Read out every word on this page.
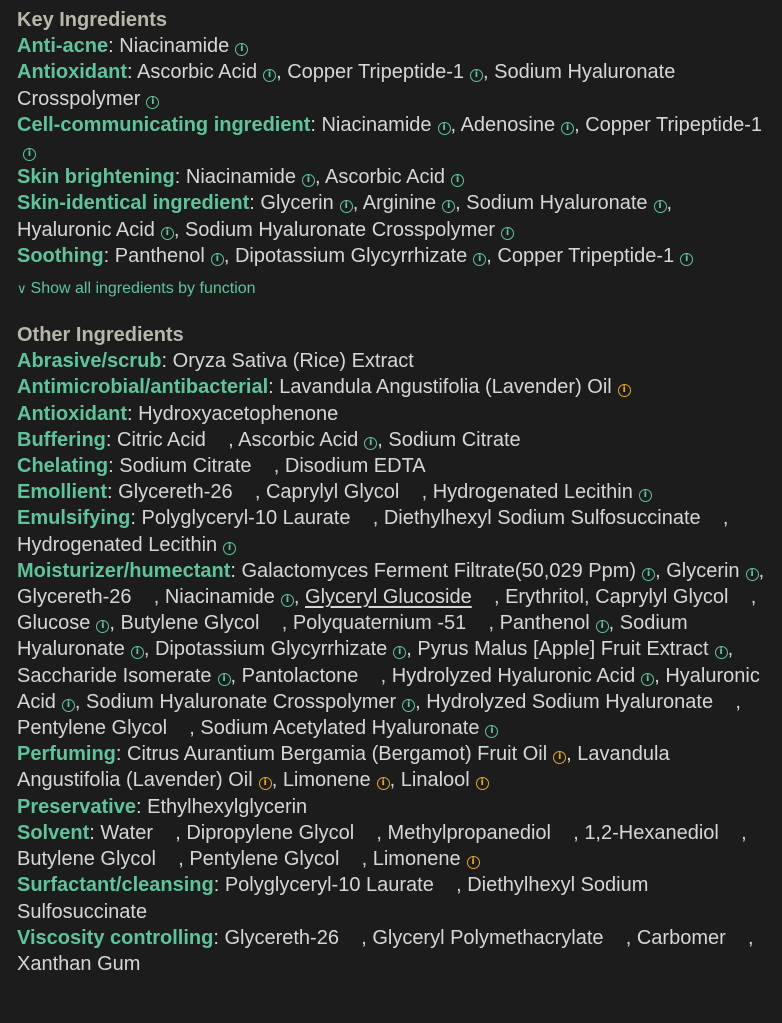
Key Ingredients
Anti-acne: Niacinamide i
Antioxidant: Ascorbic Acid i , Copper Tripeptide-1 i , Sodium Hyaluronate Crosspolymer i
Cell-communicating ingredient: Niacinamide i , Adenosine i , Copper Tripeptide-1i
Skin brightening: Niacinamide i , Ascorbic Acid i
Skin-identical ingredient: Glycerin i , Arginine i , Sodium Hyaluronate i , Hyaluronic Acid i , Sodium Hyaluronate Crosspolymer i
Soothing: Panthenol i , Dipotassium Glycyrrhizate i , Copper Tripeptide-1 i
∨ Show all ingredients by function
Other Ingredients
Abrasive/scrub: Oryza Sativa (Rice) Extract
Antimicrobial/antibacterial: Lavandula Angustifolia (Lavender) Oil i
Antioxidant: Hydroxyacetophenone
Buffering: Citric Acid    , Ascorbic Acid i , Sodium Citrate
Chelating: Sodium Citrate    , Disodium EDTA
Emollient: Glycereth-26    , Caprylyl Glycol    , Hydrogenated Lecithin i
Emulsifying: Polyglyceryl-10 Laurate    , Diethylhexyl Sodium Sulfosuccinate    , Hydrogenated Lecithin i
Moisturizer/humectant: Galactomyces Ferment Filtrate(50,029 Ppm) i , Glycerin i , Glycereth-26    , Niacinamide i , Glyceryl Glucoside    , Erythritol, Caprylyl Glycol    , Glucose i , Butylene Glycol    , Polyquaternium -51    , Panthenol i , Sodium Hyaluronate i , Dipotassium Glycyrrhizate i , Pyrus Malus [Apple] Fruit Extract i , Saccharide Isomerate i , Pantolactone    , Hydrolyzed Hyaluronic Acid i , Hyaluronic Acid i , Sodium Hyaluronate Crosspolymer i , Hydrolyzed Sodium Hyaluronate    , Pentylene Glycol    , Sodium Acetylated Hyaluronate i
Perfuming: Citrus Aurantium Bergamia (Bergamot) Fruit Oil i , Lavandula Angustifolia (Lavender) Oil i , Limonene i , Linalool i
Preservative: Ethylhexylglycerin
Solvent: Water    , Dipropylene Glycol    , Methylpropanediol    , 1,2-Hexanediol    , Butylene Glycol    , Pentylene Glycol    , Limonene i
Surfactant/cleansing: Polyglyceryl-10 Laurate    , Diethylhexyl Sodium Sulfosuccinate
Viscosity controlling: Glycereth-26    , Glyceryl Polymethacrylate    , Carbomer    , Xanthan Gum
